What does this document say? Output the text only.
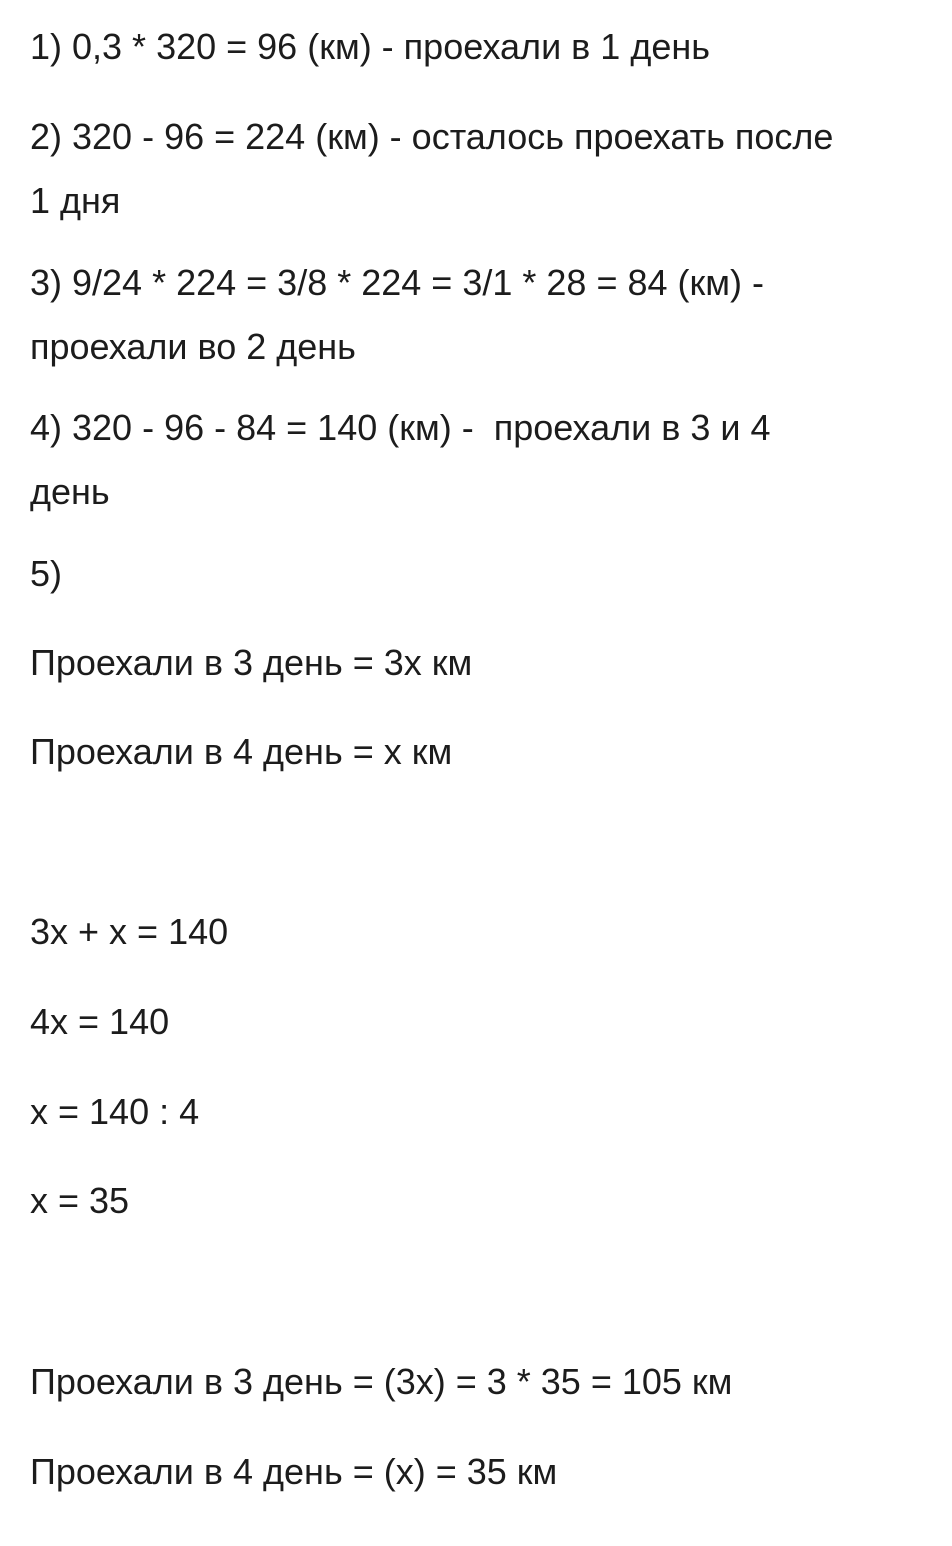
1) 0,3 * 320 = 96 (км) - проехали в 1 день
2) 320 - 96 = 224 (км) - осталось проехать после
1 дня
3) 9/24 * 224 = 3/8 * 224 = 3/1 * 28 = 84 (км) -
проехали во 2 день
4) 320 - 96 - 84 = 140 (км) -  проехали в 3 и 4
день
5)
Проехали в 3 день = 3х км
Проехали в 4 день = х км
3х + х = 140
4х = 140
х = 140 : 4
х = 35
Проехали в 3 день = (3х) = 3 * 35 = 105 км
Проехали в 4 день = (х) = 35 км
